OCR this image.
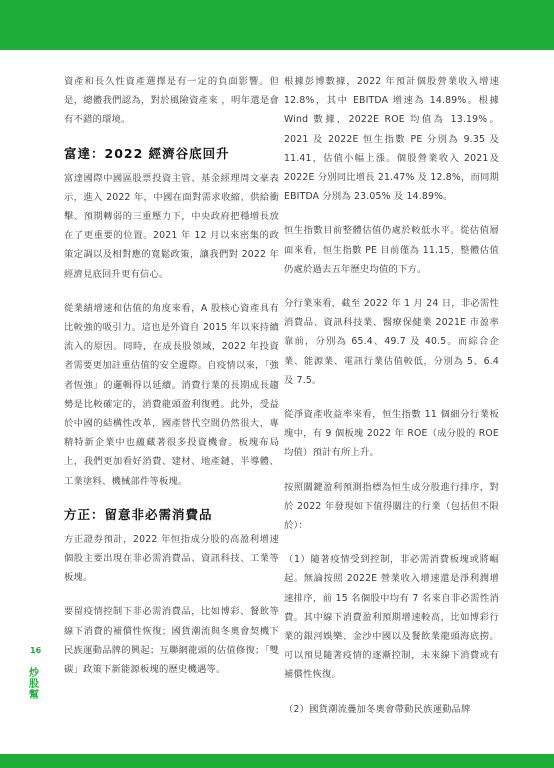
資產和長久性資產選擇是有一定的負面影響。但是，總體我們認為，對於風險資產來 ，明年還是會有不錯的環境。

富達：2022 經濟谷底回升

富達國際中國區股票投資主管、基金經理周文豪表示，進入 2022 年，中國在面對需求收縮、供給衝擊、預期轉弱的三重壓力下，中央政府把穩增長放在了更重要的位置。2021 年 12 月以來密集的政策定調以及相對應的寬鬆政策，讓我們對 2022 年經濟見底回升更有信心。

從業績增速和估值的角度來看，A 股核心資產具有比較強的吸引力。這也是外資自 2015 年以來持續流入的原因。同時，在成長股領域，2022 年投資者需要更加註重估值的安全邊際。自疫情以來，「強者恆強」的邏輯得以延續。消費行業的長期成長趨勢是比較確定的，消費龍頭盈利復甦。此外，受益於中國的結構性改革，國產替代空間仍然很大，專精特新企業中也蘊藏著很多投資機會。板塊布局上，我們更加看好消費、建材、地產鏈、半導體、工業塗料、機械部件等板塊。

方正：留意非必需消費品

方正證券預計，2022 年恒指成分股的高盈利增速個股主要出現在非必需消費品、資訊科技、工業等板塊。

要留疫情控制下非必需消費品，比如博彩、餐飲等線下消費的補償性恢復；國貨潮流與冬奧會契機下民族運動品牌的興起；互聯網龍頭的估值修復；「雙碳」政策下新能源板塊的歷史機遇等。

根據彭博數據，2022 年預計個股營業收入增速 12.8%，其中 EBITDA 增速為 14.89%。根據Wind 數據，2022E ROE 均值為 13.19%。2021 及 2022E 恒生指數 PE 分別為 9.35 及 11.41，估值小幅上漲。個股營業收入 2021及 2022E 分別同比增長 21.47% 及 12.8%，而同期 EBITDA 分別為 23.05% 及 14.89%。

恒生指數目前整體估值仍處於較低水平。從估值層面來看，恒生指數 PE 目前僅為 11.15，整體估值仍處於過去五年歷史均值的下方。

分行業來看，截至 2022 年 1 月 24 日，非必需性消費品、資訊科技業、醫療保健業 2021E 市盈率靠前，分別為 65.4、49.7 及 40.5。而綜合企業、能源業、電訊行業估值較低，分別為 5、6.4 及 7.5。

從淨資產收益率來看，恒生指數 11 個細分行業板塊中，有 9 個板塊 2022 年 ROE（成分股的 ROE 均值）預計有所上升。

按照關鍵盈利預測指標為恒生成分股進行排序，對於 2022 年發現如下值得關注的行業（包括但不限於）：

（1）隨著疫情受到控制，非必需消費板塊或將崛起。無論按照 2022E 營業收入增速還是淨利潤增速排序，前 15 名個股中均有 7 名來自非必需性消費。其中線下消費盈利預期增速較高，比如博彩行業的銀河娛樂、金沙中國以及餐飲業龍頭海底撈。可以預見隨著疫情的逐漸控制，未來線下消費或有補償性恢復。

（2）國貨潮流疊加冬奧會帶動民族運動品牌

16
炒股幫
